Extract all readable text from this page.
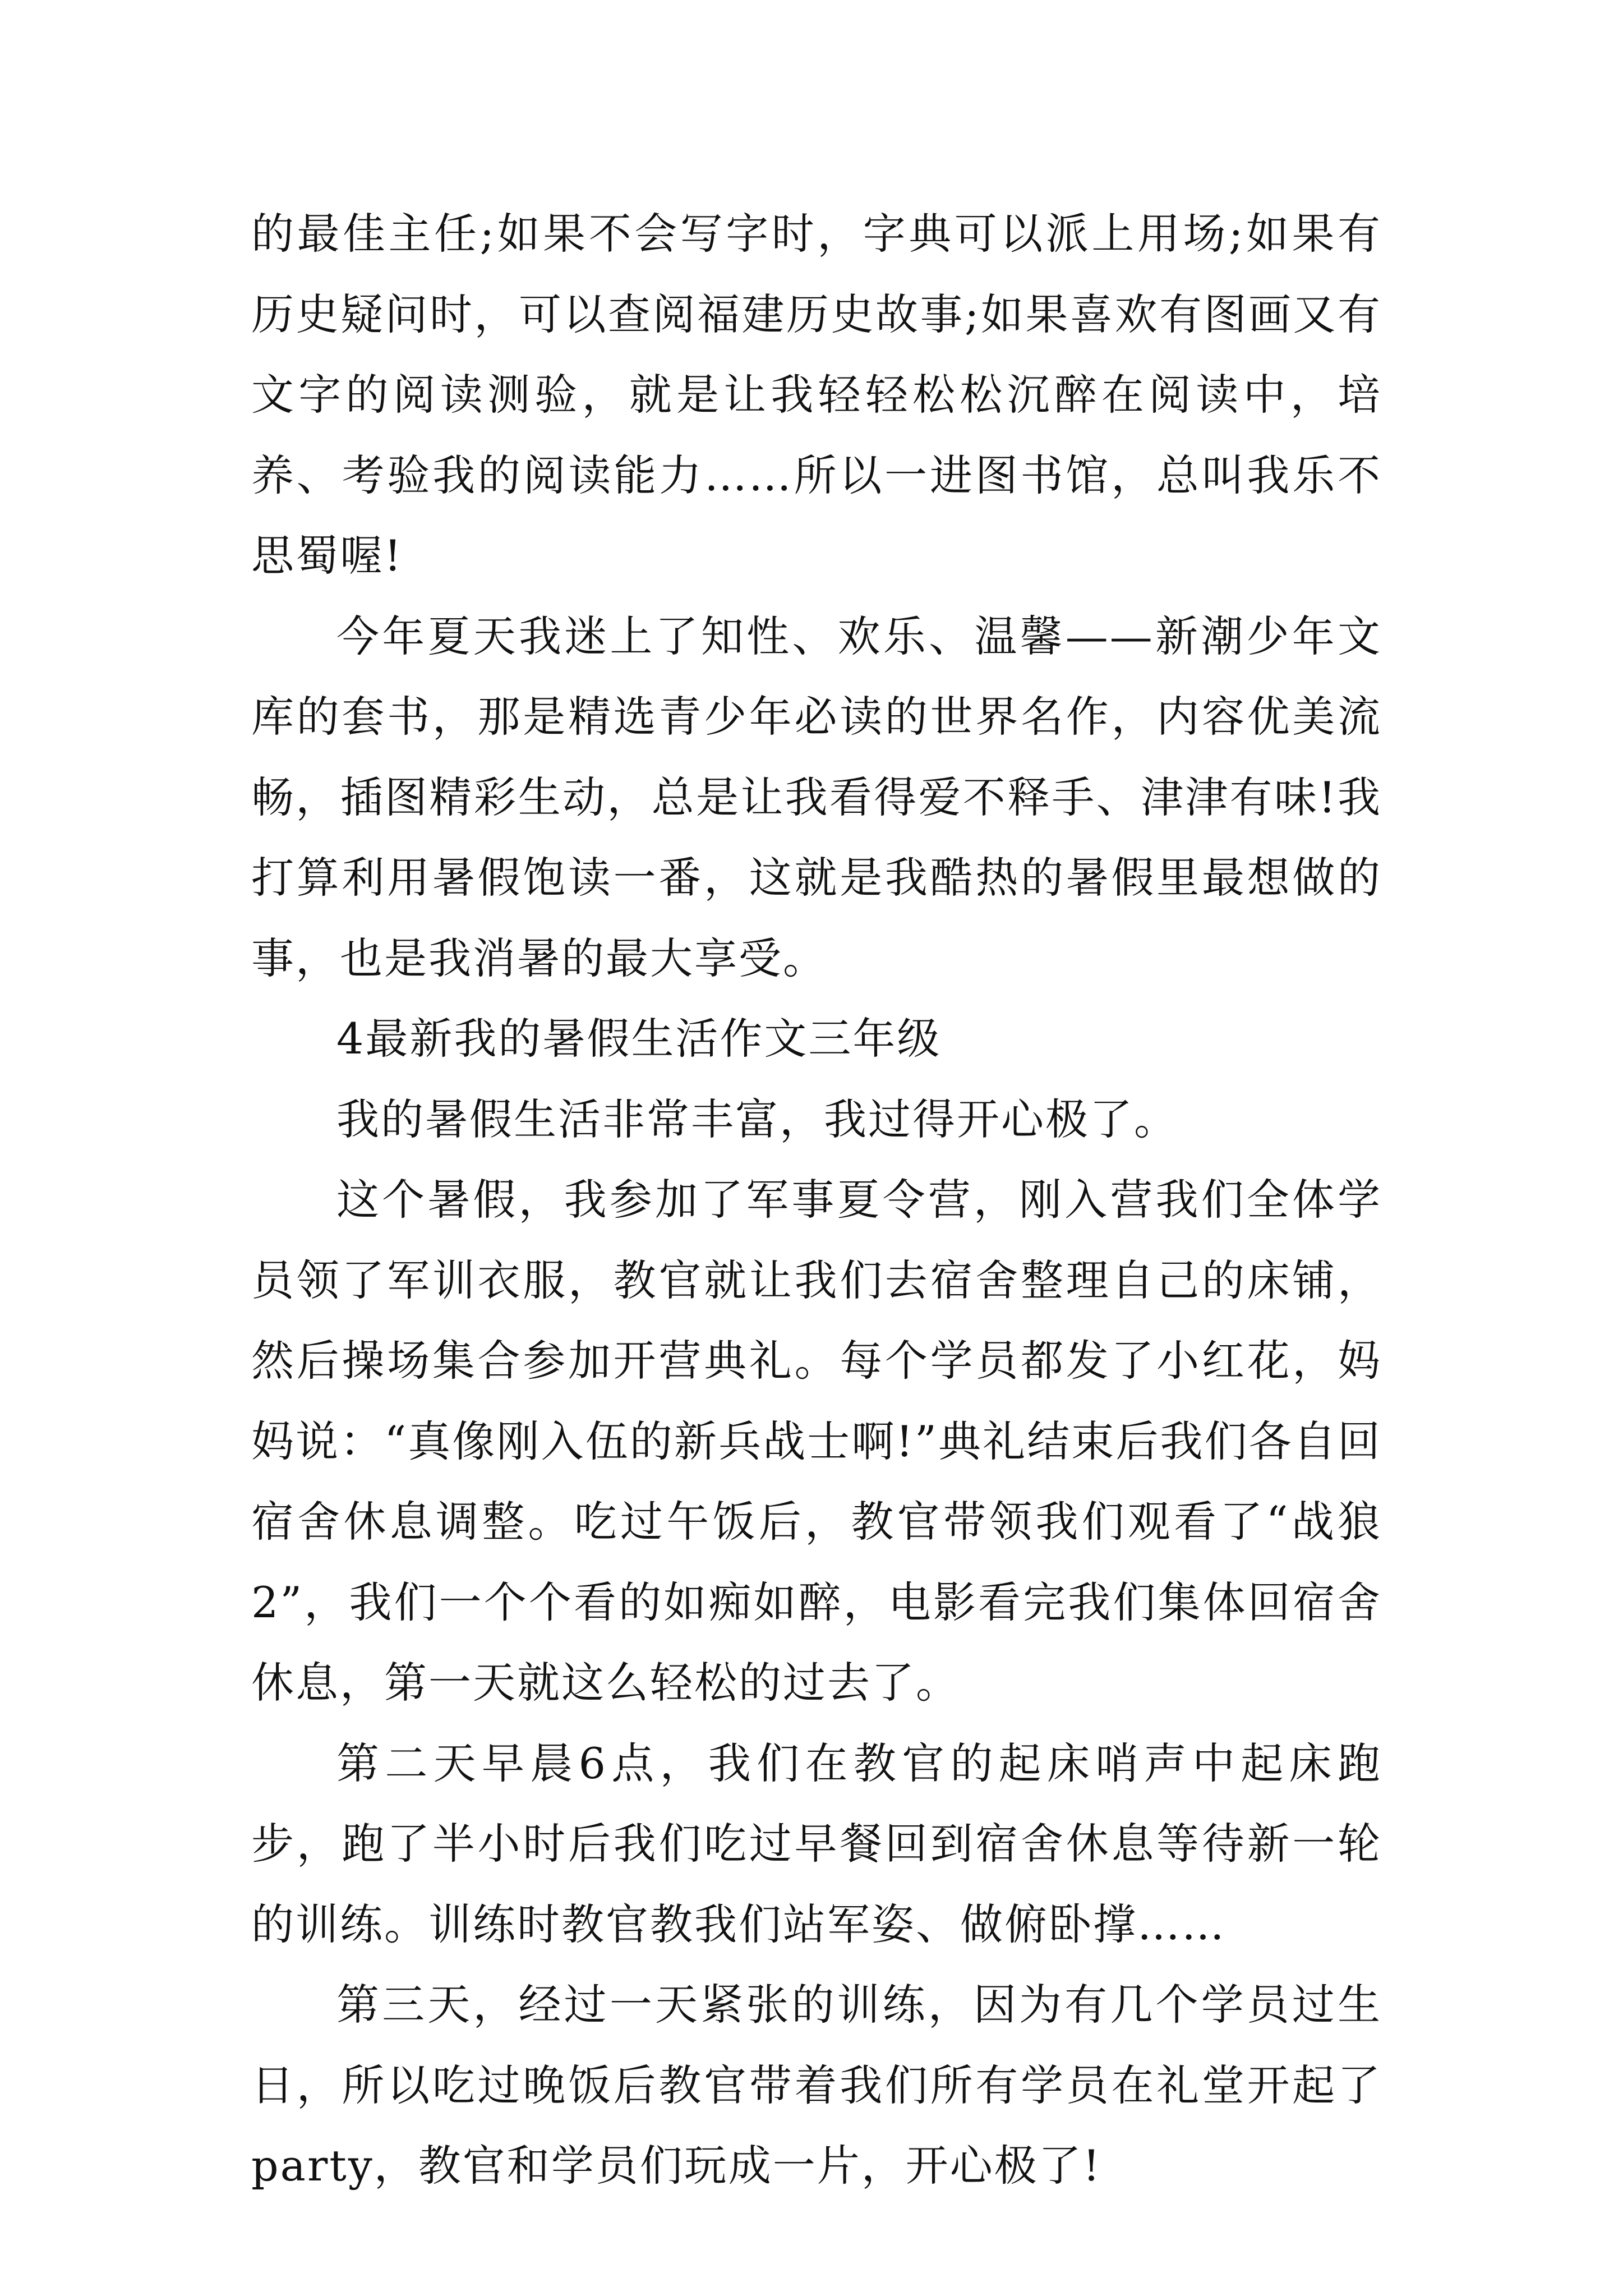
的最佳主任;如果不会写字时，字典可以派上用场;如果有历史疑问时，可以查阅福建历史故事;如果喜欢有图画又有文字的阅读测验，就是让我轻轻松松沉醉在阅读中，培养、考验我的阅读能力……所以一进图书馆，总叫我乐不思蜀喔!

今年夏天我迷上了知性、欢乐、温馨——新潮少年文库的套书，那是精选青少年必读的世界名作，内容优美流畅，插图精彩生动，总是让我看得爱不释手、津津有味!我打算利用暑假饱读一番，这就是我酷热的暑假里最想做的事，也是我消暑的最大享受。

4最新我的暑假生活作文三年级

我的暑假生活非常丰富，我过得开心极了。

这个暑假，我参加了军事夏令营，刚入营我们全体学员领了军训衣服，教官就让我们去宿舍整理自己的床铺，然后操场集合参加开营典礼。每个学员都发了小红花，妈妈说：“真像刚入伍的新兵战士啊!”典礼结束后我们各自回宿舍休息调整。吃过午饭后，教官带领我们观看了“战狼2”，我们一个个看的如痴如醉，电影看完我们集体回宿舍休息，第一天就这么轻松的过去了。

第二天早晨6点，我们在教官的起床哨声中起床跑步，跑了半小时后我们吃过早餐回到宿舍休息等待新一轮的训练。训练时教官教我们站军姿、做俯卧撑……

第三天，经过一天紧张的训练，因为有几个学员过生日，所以吃过晚饭后教官带着我们所有学员在礼堂开起了party，教官和学员们玩成一片，开心极了!
